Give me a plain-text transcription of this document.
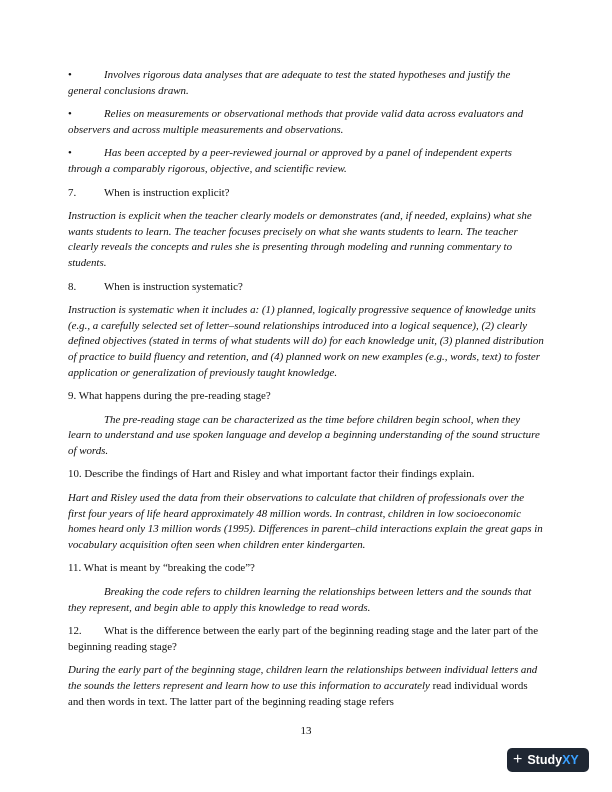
•	Involves rigorous data analyses that are adequate to test the stated hypotheses and justify the general conclusions drawn.

•	Relies on measurements or observational methods that provide valid data across evaluators and observers and across multiple measurements and observations.

•	Has been accepted by a peer-reviewed journal or approved by a panel of independent experts through a comparably rigorous, objective, and scientific review.

7.	When is instruction explicit?

Instruction is explicit when the teacher clearly models or demonstrates (and, if needed, explains) what she wants students to learn. The teacher focuses precisely on what she wants students to learn. The teacher clearly reveals the concepts and rules she is presenting through modeling and running commentary to students.

8.	When is instruction systematic?

Instruction is systematic when it includes a: (1) planned, logically progressive sequence of knowledge units (e.g., a carefully selected set of letter–sound relationships introduced into a logical sequence), (2) clearly defined objectives (stated in terms of what students will do) for each knowledge unit, (3) planned distribution of practice to build fluency and retention, and (4) planned work on new examples (e.g., words, text) to foster application or generalization of previously taught knowledge.

9. What happens during the pre-reading stage?

The pre-reading stage can be characterized as the time before children begin school, when they learn to understand and use spoken language and develop a beginning understanding of the sound structure of words.

10. Describe the findings of Hart and Risley and what important factor their findings explain.

Hart and Risley used the data from their observations to calculate that children of professionals over the first four years of life heard approximately 48 million words. In contrast, children in low socioeconomic homes heard only 13 million words (1995). Differences in parent–child interactions explain the great gaps in vocabulary acquisition often seen when children enter kindergarten.

11. What is meant by “breaking the code”?

Breaking the code refers to children learning the relationships between letters and the sounds that they represent, and begin able to apply this knowledge to read words.

12. What is the difference between the early part of the beginning reading stage and the later part of the beginning reading stage?

During the early part of the beginning stage, children learn the relationships between individual letters and the sounds the letters represent and learn how to use this information to accurately read individual words and then words in text. The latter part of the beginning reading stage refers

13
+ Study XY
